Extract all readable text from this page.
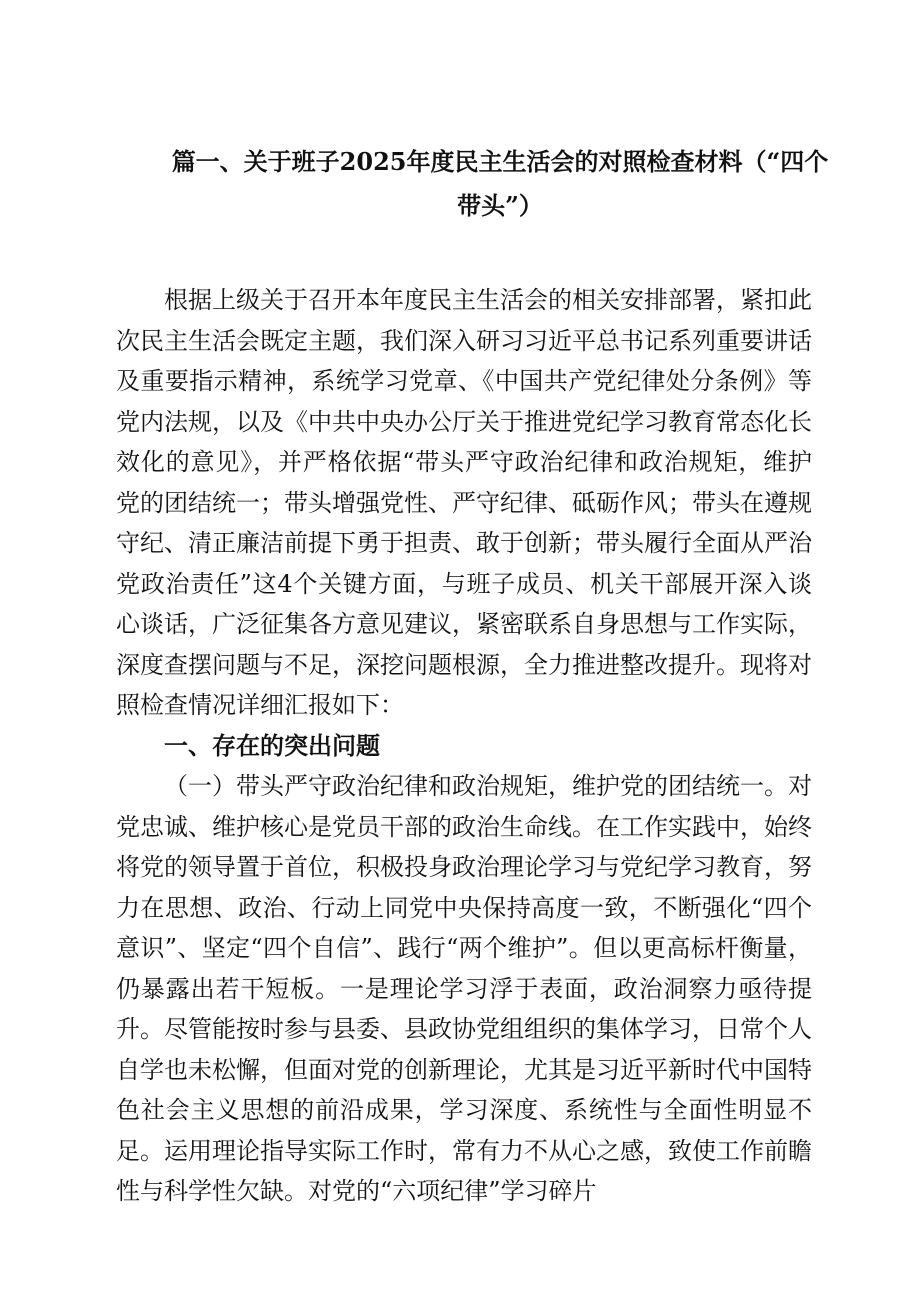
篇一、关于班子2025年度民主生活会的对照检查材料（“四个带头”）

根据上级关于召开本年度民主生活会的相关安排部署，紧扣此次民主生活会既定主题，我们深入研习习近平总书记系列重要讲话及重要指示精神，系统学习党章、《中国共产党纪律处分条例》等党内法规，以及《中共中央办公厅关于推进党纪学习教育常态化长效化的意见》，并严格依据“带头严守政治纪律和政治规矩，维护党的团结统一；带头增强党性、严守纪律、砥砺作风；带头在遵规守纪、清正廉洁前提下勇于担责、敢于创新；带头履行全面从严治党政治责任”这4个关键方面，与班子成员、机关干部展开深入谈心谈话，广泛征集各方意见建议，紧密联系自身思想与工作实际，深度查摆问题与不足，深挖问题根源，全力推进整改提升。现将对照检查情况详细汇报如下：

一、存在的突出问题

（一）带头严守政治纪律和政治规矩，维护党的团结统一。对党忠诚、维护核心是党员干部的政治生命线。在工作实践中，始终将党的领导置于首位，积极投身政治理论学习与党纪学习教育，努力在思想、政治、行动上同党中央保持高度一致，不断强化“四个意识”、坚定“四个自信”、践行“两个维护”。但以更高标杆衡量，仍暴露出若干短板。一是理论学习浮于表面，政治洞察力亟待提升。尽管能按时参与县委、县政协党组组织的集体学习，日常个人自学也未松懈，但面对党的创新理论，尤其是习近平新时代中国特色社会主义思想的前沿成果，学习深度、系统性与全面性明显不足。运用理论指导实际工作时，常有力不从心之感，致使工作前瞻性与科学性欠缺。对党的“六项纪律”学习碎片
